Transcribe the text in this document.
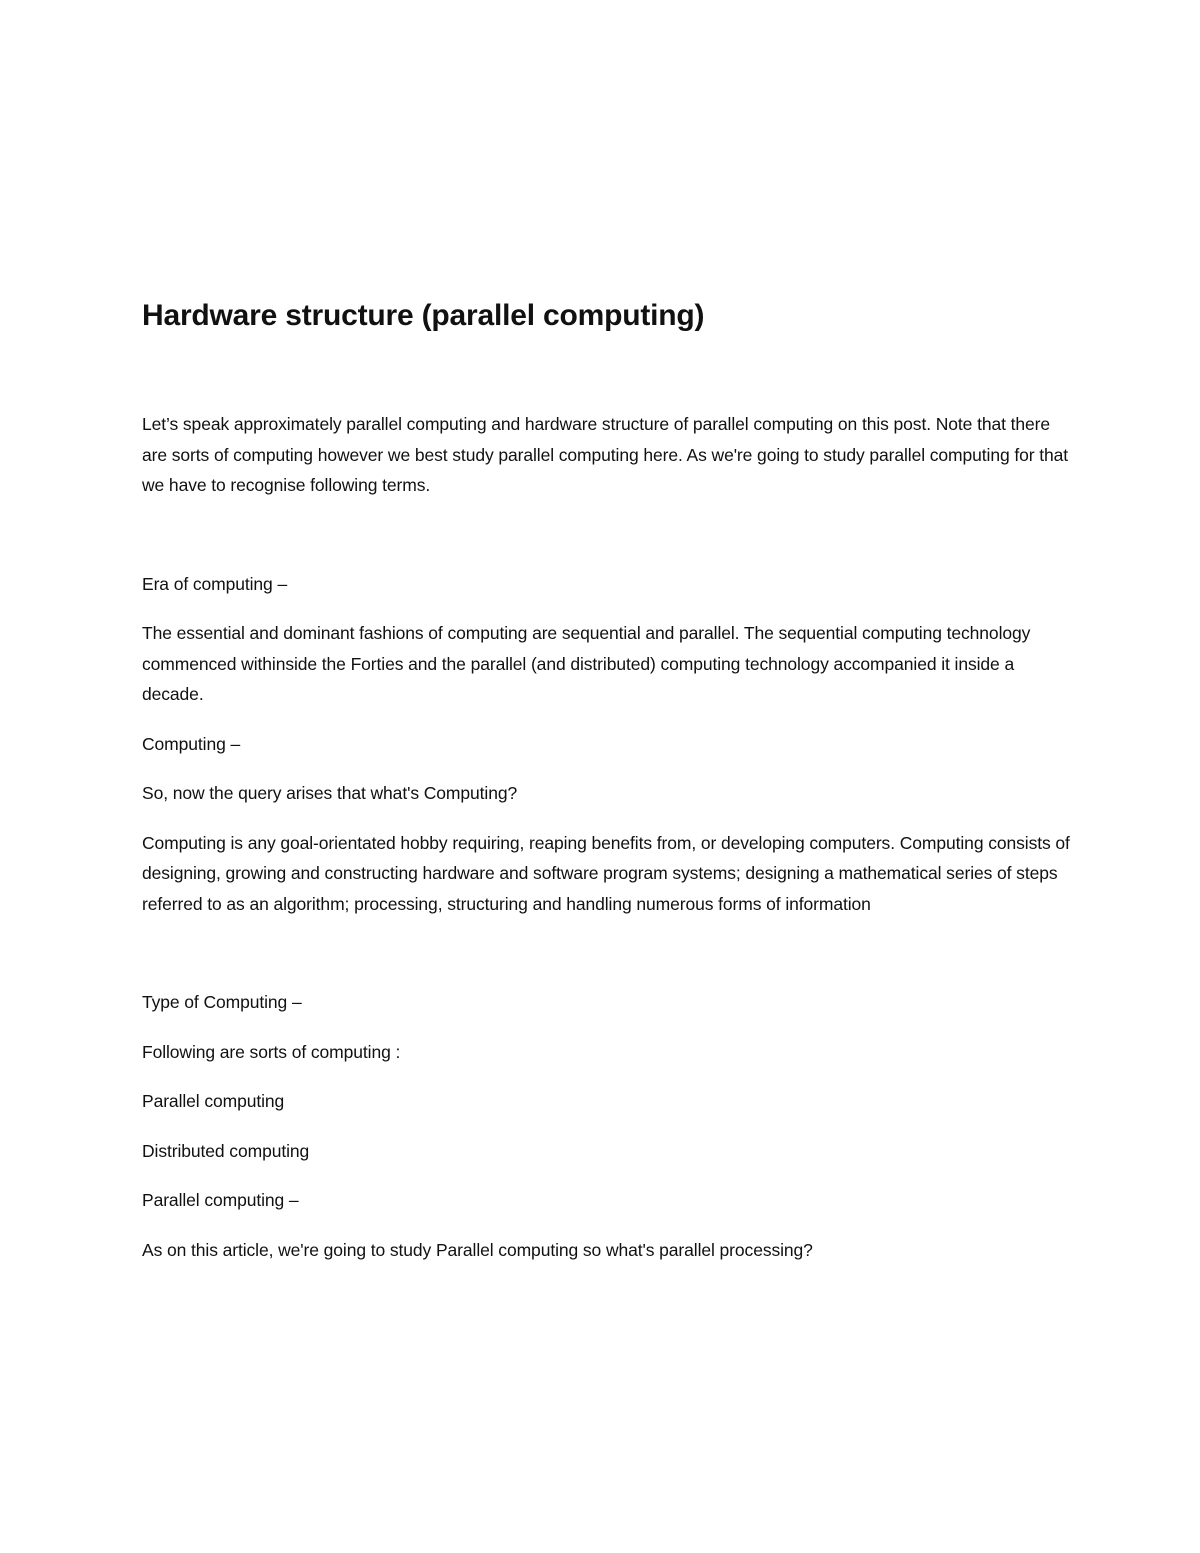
Hardware structure (parallel computing)

Let’s speak approximately parallel computing and hardware structure of parallel computing on this post. Note that there are sorts of computing however we best study parallel computing here. As we're going to study parallel computing for that we have to recognise following terms.

Era of computing –

The essential and dominant fashions of computing are sequential and parallel. The sequential computing technology commenced withinside the Forties and the parallel (and distributed) computing technology accompanied it inside a decade.

Computing –

So, now the query arises that what's Computing?

Computing is any goal-orientated hobby requiring, reaping benefits from, or developing computers. Computing consists of designing, growing and constructing hardware and software program systems; designing a mathematical series of steps referred to as an algorithm; processing, structuring and handling numerous forms of information

Type of Computing –

Following are sorts of computing :

Parallel computing

Distributed computing

Parallel computing –

As on this article, we're going to study Parallel computing so what's parallel processing?
